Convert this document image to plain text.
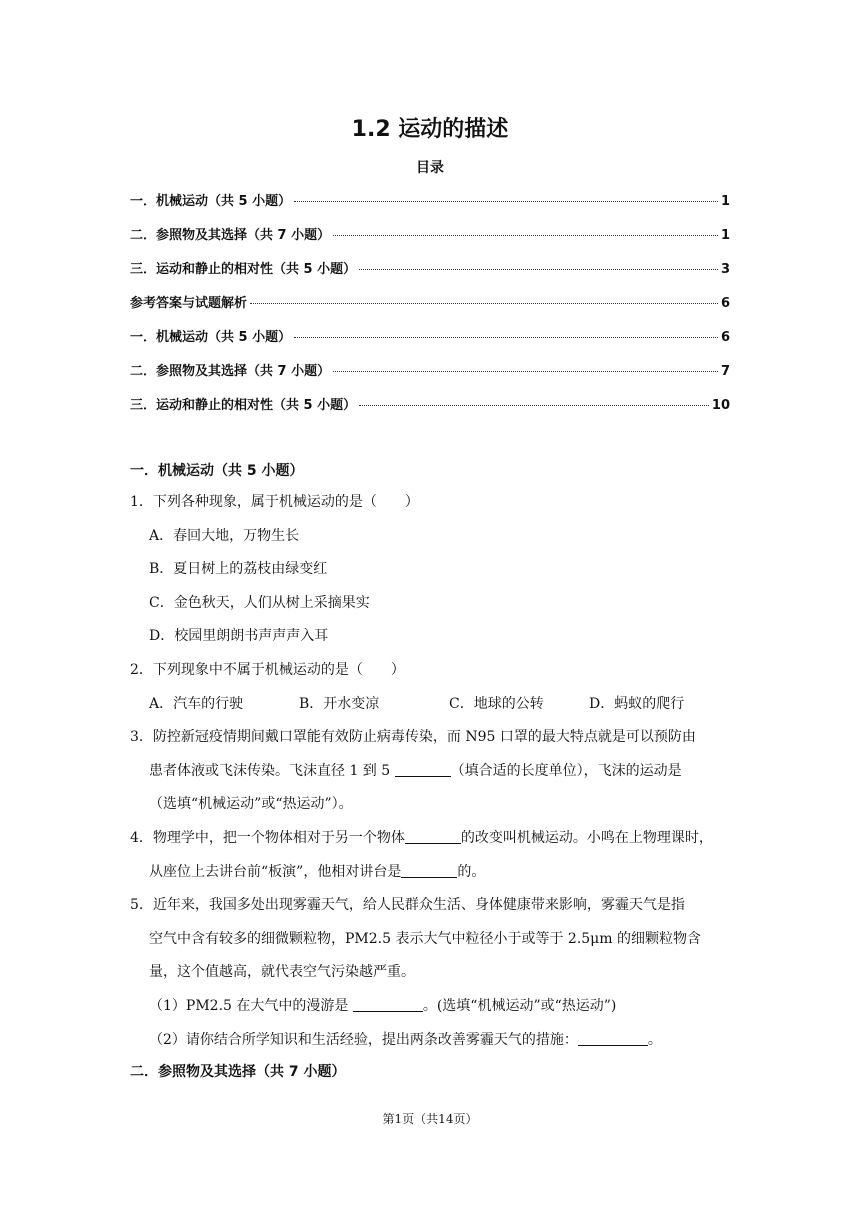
1.2 运动的描述
目录
一．机械运动（共 5 小题）	1
二．参照物及其选择（共 7 小题）	1
三．运动和静止的相对性（共 5 小题）	3
参考答案与试题解析	6
一．机械运动（共 5 小题）	6
二．参照物及其选择（共 7 小题）	7
三．运动和静止的相对性（共 5 小题）	10
一．机械运动（共 5 小题）
1．下列各种现象，属于机械运动的是（　　）
A．春回大地，万物生长
B．夏日树上的荔枝由绿变红
C．金色秋天，人们从树上采摘果实
D．校园里朗朗书声声声入耳
2．下列现象中不属于机械运动的是（　　）
A．汽车的行驶	B．开水变凉	C．地球的公转	D．蚂蚁的爬行
3．防控新冠疫情期间戴口罩能有效防止病毒传染，而 N95 口罩的最大特点就是可以预防由
患者体液或飞沫传染。飞沫直径 1 到 5	（填合适的长度单位），飞沫的运动是
（选填“机械运动”或“热运动”）。
4．物理学中，把一个物体相对于另一个物体	的改变叫机械运动。小鸣在上物理课时，
从座位上去讲台前“板演”，他相对讲台是	的。
5．近年来，我国多处出现雾霾天气，给人民群众生活、身体健康带来影响，雾霾天气是指
空气中含有较多的细微颗粒物，PM2.5 表示大气中粒径小于或等于 2.5μm 的细颗粒物含
量，这个值越高，就代表空气污染越严重。
（1）PM2.5 在大气中的漫游是	。(选填“机械运动”或“热运动”)
（2）请你结合所学知识和生活经验，提出两条改善雾霾天气的措施：	。
二．参照物及其选择（共 7 小题）
第1页（共14页）
